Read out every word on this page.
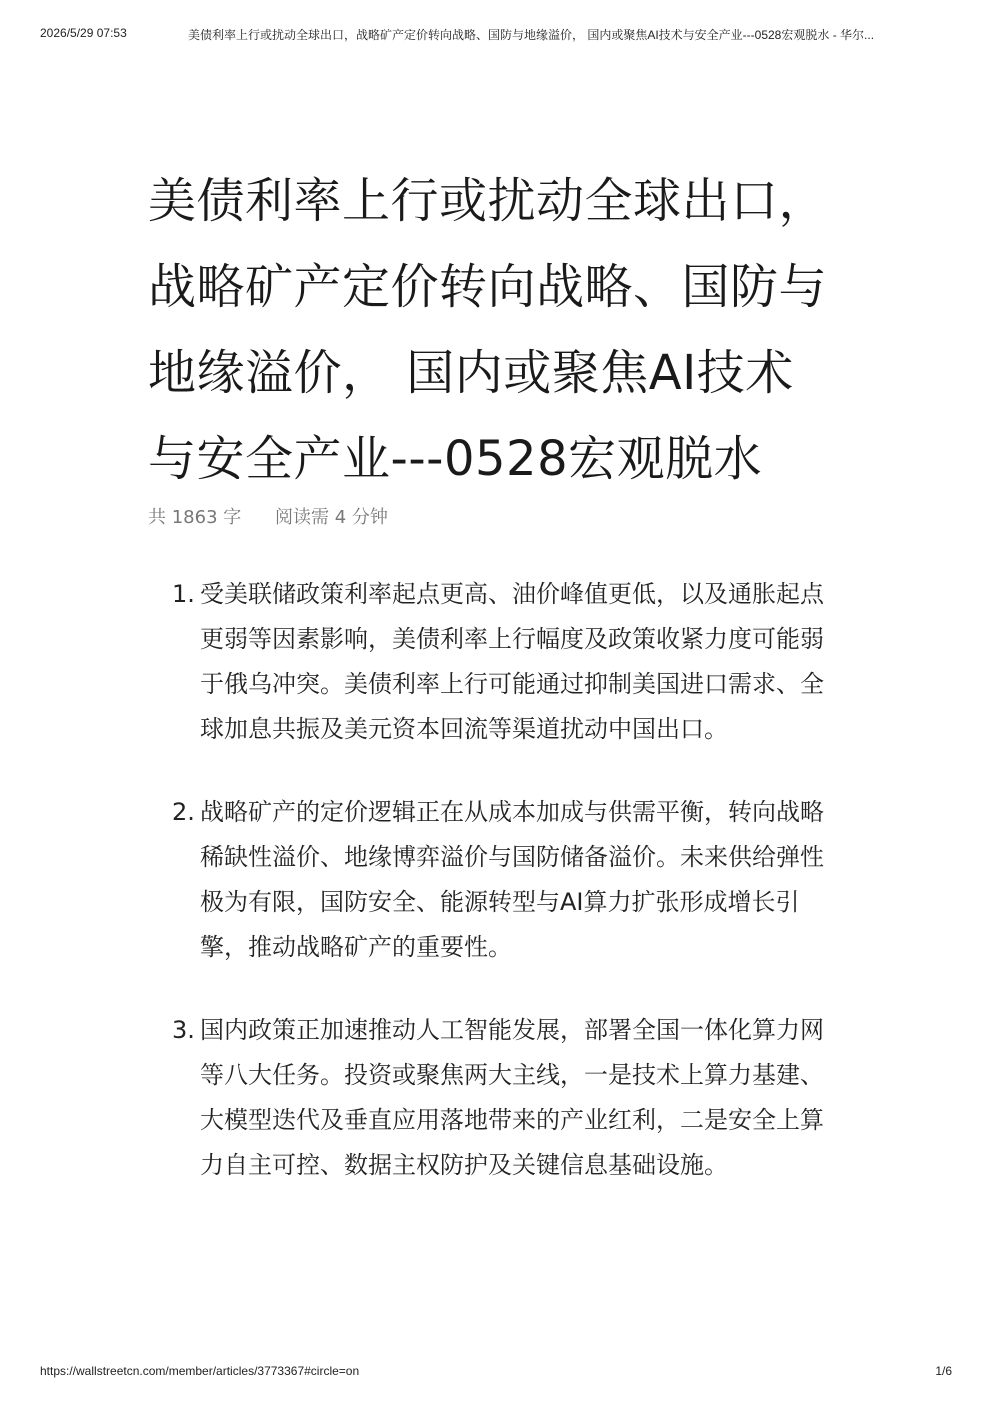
2026/5/29 07:53	美债利率上行或扰动全球出口，战略矿产定价转向战略、国防与地缘溢价， 国内或聚焦AI技术与安全产业---0528宏观脱水 - 华尔...
美债利率上行或扰动全球出口，战略矿产定价转向战略、国防与地缘溢价， 国内或聚焦AI技术与安全产业---0528宏观脱水
共 1863 字 阅读需 4 分钟
1. 受美联储政策利率起点更高、油价峰值更低，以及通胀起点更弱等因素影响，美债利率上行幅度及政策收紧力度可能弱于俄乌冲突。美债利率上行可能通过抑制美国进口需求、全球加息共振及美元资本回流等渠道扰动中国出口。
2. 战略矿产的定价逻辑正在从成本加成与供需平衡，转向战略稀缺性溢价、地缘博弈溢价与国防储备溢价。未来供给弹性极为有限，国防安全、能源转型与AI算力扩张形成增长引擎，推动战略矿产的重要性。
3. 国内政策正加速推动人工智能发展，部署全国一体化算力网等八大任务。投资或聚焦两大主线，一是技术上算力基建、大模型迭代及垂直应用落地带来的产业红利，二是安全上算力自主可控、数据主权防护及关键信息基础设施。
https://wallstreetcn.com/member/articles/3773367#circle=on	1/6
